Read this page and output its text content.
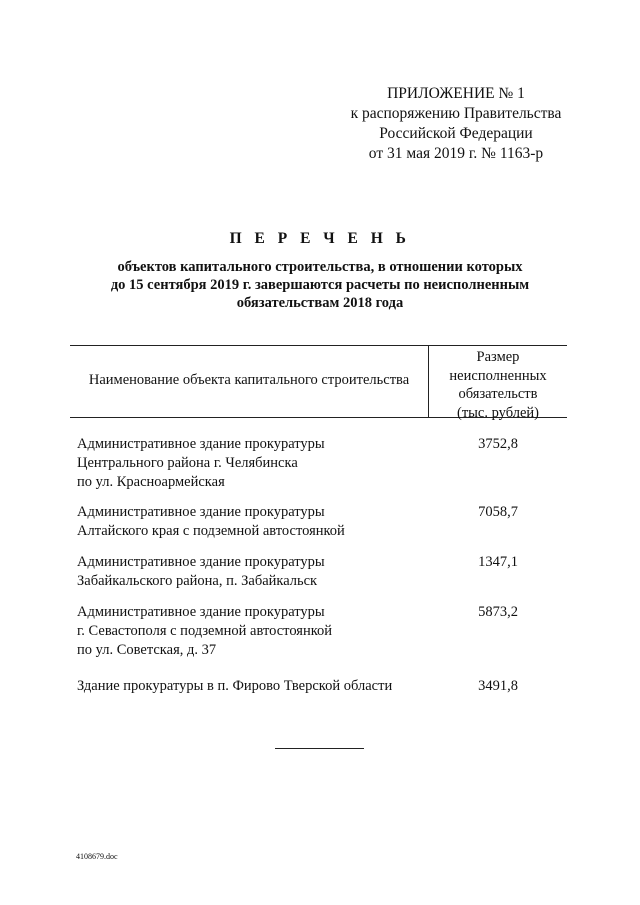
ПРИЛОЖЕНИЕ № 1
к распоряжению Правительства
Российской Федерации
от 31 мая 2019 г. № 1163-р
П Е Р Е Ч Е Н Ь
объектов капитального строительства, в отношении которых
до 15 сентября 2019 г. завершаются расчеты по неисполненным
обязательствам 2018 года
Наименование объекта капитального строительства
Размер
неисполненных
обязательств
(тыс. рублей)
Административное здание прокуратуры
Центрального района г. Челябинска
по ул. Красноармейская
3752,8
Административное здание прокуратуры
Алтайского края с подземной автостоянкой
7058,7
Административное здание прокуратуры
Забайкальского района, п. Забайкальск
1347,1
Административное здание прокуратуры
г. Севастополя с подземной автостоянкой
по ул. Советская, д. 37
5873,2
Здание прокуратуры в п. Фирово Тверской области	3491,8
4108679.doc
